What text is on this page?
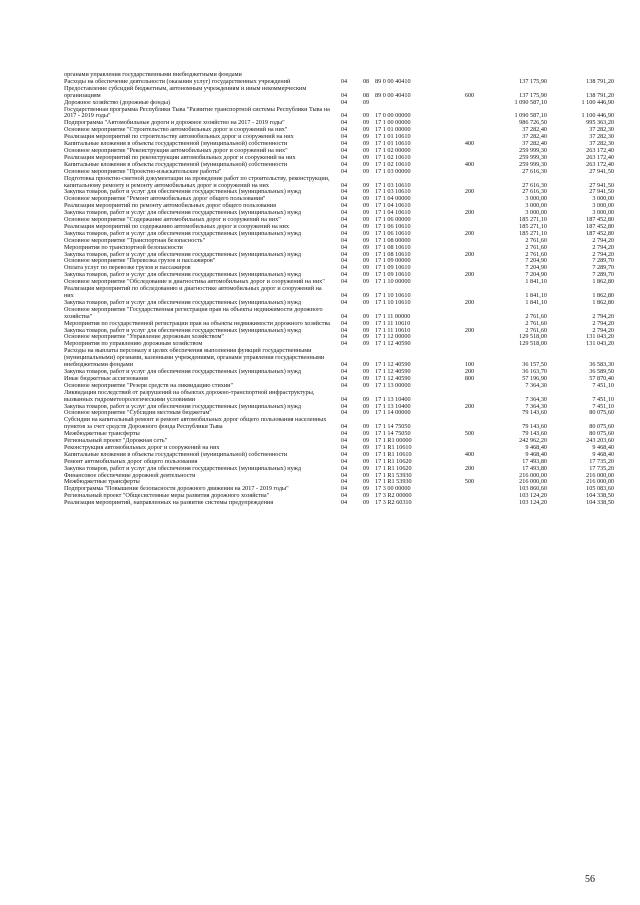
органами управления государственными внебюджетными фондами						
Расходы на обеспечение деятельности (оказания услуг) государственных учреждений	04	08	89 0 00 40410		137 175,90	138 791,20
Предоставление субсидий бюджетным, автономным учреждениям и иным некоммерческим организациям	04	08	89 0 00 40410	600	137 175,90	138 791,20
Дорожное хозяйство (дорожные фонды)	04	09			1 090 587,10	1 100 446,90
Государственная программа Республики Тыва "Развитие транспортной системы Республики Тыва на 2017 - 2019 годы"	04	09	17 0 00 00000		1 090 587,10	1 100 446,90
Подпрограмма "Автомобильные дороги и дорожное хозяйство на 2017 - 2019 годы"	04	09	17 1 00 00000		986 726,50	995 363,20
Основное мероприятие "Строительство автомобильных дорог и сооружений на них"	04	09	17 1 01 00000		37 282,40	37 282,30
Реализация мероприятий по строительству автомобильных дорог и сооружений на них	04	09	17 1 01 10610		37 282,40	37 282,30
Капитальные вложения в объекты государственной (муниципальной) собственности	04	09	17 1 01 10610	400	37 282,40	37 282,30
Основное мероприятие "Реконструкция автомобильных дорог и сооружений на них"	04	09	17 1 02 00000		259 999,30	263 172,40
Реализация мероприятий по реконструкции автомобильных дорог и сооружений на них	04	09	17 1 02 10610		259 999,30	263 172,40
Капитальные вложения в объекты государственной (муниципальной) собственности	04	09	17 1 02 10610	400	259 999,30	263 172,40
Основное мероприятие "Проектно-изыскательские работы"	04	09	17 1 03 00000		27 616,30	27 941,50
Подготовка проектно-сметной документации на проведение работ по строительству, реконструкции, капитальному ремонту и ремонту автомобильных дорог и сооружений на них	04	09	17 1 03 10610		27 616,30	27 941,50
Закупка товаров, работ и услуг для обеспечения государственных (муниципальных) нужд	04	09	17 1 03 10610	200	27 616,30	27 941,50
Основное мероприятие "Ремонт автомобильных дорог общего пользования"	04	09	17 1 04 00000		3 000,00	3 000,00
Реализация мероприятий по ремонту автомобильных дорог общего пользования	04	09	17 1 04 10610		3 000,00	3 000,00
Закупка товаров, работ и услуг для обеспечения государственных (муниципальных) нужд	04	09	17 1 04 10610	200	3 000,00	3 000,00
Основное мероприятие "Содержание автомобильных дорог и сооружений на них"	04	09	17 1 06 00000		185 271,10	187 452,80
Реализация мероприятий по содержанию автомобильных дорог и сооружений на них	04	09	17 1 06 10610		185 271,10	187 452,80
Закупка товаров, работ и услуг для обеспечения государственных (муниципальных) нужд	04	09	17 1 06 10610	200	185 271,10	187 452,80
Основное мероприятие "Транспортная безопасность"	04	09	17 1 08 00000		2 761,60	2 794,20
Мероприятия по транспортной безопасности	04	09	17 1 08 10610		2 761,60	2 794,20
Закупка товаров, работ и услуг для обеспечения государственных (муниципальных) нужд	04	09	17 1 08 10610	200	2 761,60	2 794,20
Основное мероприятие "Перевозка грузов и пассажиров"	04	09	17 1 09 00000		7 204,90	7 289,70
Оплата услуг по перевозке грузов и пассажиров	04	09	17 1 09 10610		7 204,90	7 289,70
Закупка товаров, работ и услуг для обеспечения государственных (муниципальных) нужд	04	09	17 1 09 10610	200	7 204,90	7 289,70
Основное мероприятие "Обследование и диагностика автомобильных дорог и сооружений на них"	04	09	17 1 10 00000		1 841,10	1 862,80
Реализация мероприятий по обследованию и диагностике автомобильных дорог и сооружений на них	04	09	17 1 10 10610		1 841,10	1 862,80
Закупка товаров, работ и услуг для обеспечения государственных (муниципальных) нужд	04	09	17 1 10 10610	200	1 841,10	1 862,80
Основное мероприятие "Государственная регистрация прав на объекты недвижимости дорожного хозяйства"	04	09	17 1 11 00000		2 761,60	2 794,20
Мероприятия по государственной регистрации прав на объекты недвижимости дорожного хозяйства	04	09	17 1 11 10610		2 761,60	2 794,20
Закупка товаров, работ и услуг для обеспечения государственных (муниципальных) нужд	04	09	17 1 11 10610	200	2 761,60	2 794,20
Основное мероприятие "Управление дорожным хозяйством"	04	09	17 1 12 00000		129 518,00	131 043,20
Мероприятия по управлению дорожным хозяйством	04	09	17 1 12 40590		129 518,00	131 043,20
Расходы на выплаты персоналу в целях обеспечения выполнения функций государственными (муниципальными) органами, казенными учреждениями, органами управления государственными внебюджетными фондами	04	09	17 1 12 40590	100	36 157,50	36 583,30
Закупка товаров, работ и услуг для обеспечения государственных (муниципальных) нужд	04	09	17 1 12 40590	200	36 163,70	36 589,50
Иные бюджетные ассигнования	04	09	17 1 12 40590	800	57 196,90	57 870,40
Основное мероприятие "Резерв средств на ликвидацию стихии"	04	09	17 1 13 00000		7 364,30	7 451,10
Ликвидация последствий от разрушений на объектах дорожно-транспортной инфраструктуры, вызванных гидрометеорологическими условиями	04	09	17 1 13 10400		7 364,30	7 451,10
Закупка товаров, работ и услуг для обеспечения государственных (муниципальных) нужд	04	09	17 1 13 10400	200	7 364,30	7 451,10
Основное мероприятие "Субсидии местным бюджетам"	04	09	17 1 14 00000		79 143,60	80 075,60
Субсидии на капитальный ремонт и ремонт автомобильных дорог общего пользования населенных пунктов за счет средств Дорожного фонда Республики Тыва	04	09	17 1 14 75050		79 143,60	80 075,60
Межбюджетные трансферты	04	09	17 1 14 75050	500	79 143,60	80 075,60
Региональный проект "Дорожная сеть"	04	09	17 1 R1 00000		242 962,20	243 203,60
Реконструкция автомобильных дорог и сооружений на них	04	09	17 1 R1 10610		9 468,40	9 468,40
Капитальные вложения в объекты государственной (муниципальной) собственности	04	09	17 1 R1 10610	400	9 468,40	9 468,40
Ремонт автомобильных дорог общего пользования	04	09	17 1 R1 10620		17 493,80	17 735,20
Закупка товаров, работ и услуг для обеспечения государственных (муниципальных) нужд	04	09	17 1 R1 10620	200	17 493,80	17 735,20
Финансовое обеспечение дорожной деятельности	04	09	17 1 R1 53930		216 000,00	216 000,00
Межбюджетные трансферты	04	09	17 1 R1 53930	500	216 000,00	216 000,00
Подпрограмма "Повышение безопасности дорожного движения на 2017 - 2019 годы"	04	09	17 3 00 00000		103 860,60	105 083,60
Региональный проект "Общесистемные меры развития дорожного хозяйства"	04	09	17 3 R2 00000		103 124,20	104 338,50
Реализация мероприятий, направленных на развитие системы предупреждения	04	09	17 3 R2 60310		103 124,20	104 338,50
56
